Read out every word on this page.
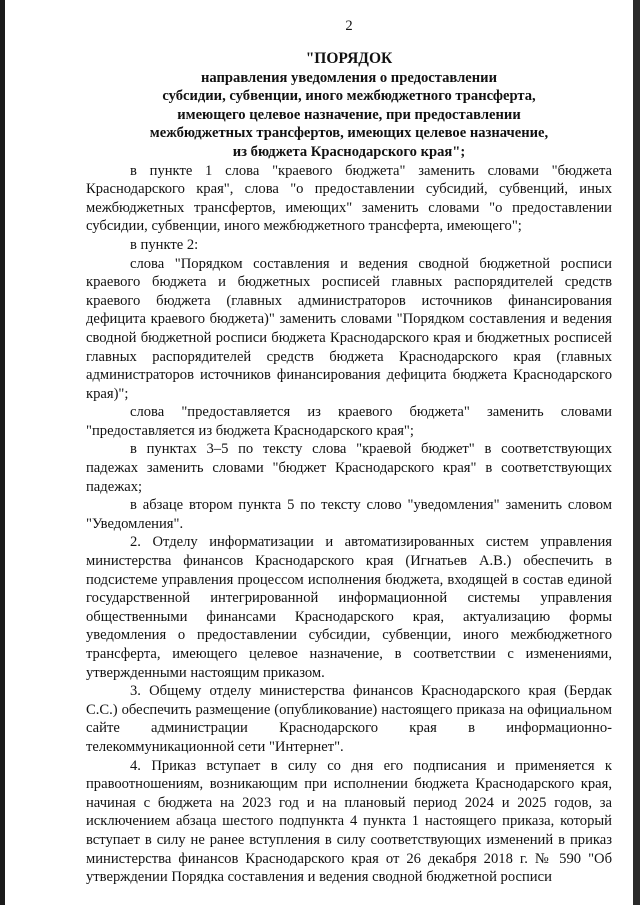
2

"ПОРЯДОК

направления уведомления о предоставлении

субсидии, субвенции, иного межбюджетного трансферта,

имеющего целевое назначение, при предоставлении

межбюджетных трансфертов, имеющих целевое назначение,

из бюджета Краснодарского края";

в пункте 1 слова "краевого бюджета" заменить словами "бюджета Краснодарского края", слова "о предоставлении субсидий, субвенций, иных межбюджетных трансфертов, имеющих" заменить словами "о предоставлении субсидии, субвенции, иного межбюджетного трансферта, имеющего";

в пункте 2:

слова "Порядком составления и ведения сводной бюджетной росписи краевого бюджета и бюджетных росписей главных распорядителей средств краевого бюджета (главных администраторов источников финансирования дефицита краевого бюджета)" заменить словами "Порядком составления и ведения сводной бюджетной росписи бюджета Краснодарского края и бюджетных росписей главных распорядителей средств бюджета Краснодарского края (главных администраторов источников финансирования дефицита бюджета Краснодарского края)";

слова "предоставляется из краевого бюджета" заменить словами "предоставляется из бюджета Краснодарского края";

в пунктах 3–5 по тексту слова "краевой бюджет" в соответствующих падежах заменить словами "бюджет Краснодарского края" в соответствующих падежах;

в абзаце втором пункта 5 по тексту слово "уведомления" заменить словом "Уведомления".

2. Отделу информатизации и автоматизированных систем управления министерства финансов Краснодарского края (Игнатьев А.В.) обеспечить в подсистеме управления процессом исполнения бюджета, входящей в состав единой государственной интегрированной информационной системы управления общественными финансами Краснодарского края, актуализацию формы уведомления о предоставлении субсидии, субвенции, иного межбюджетного трансферта, имеющего целевое назначение, в соответствии с изменениями, утвержденными настоящим приказом.

3. Общему отделу министерства финансов Краснодарского края (Бердак С.С.) обеспечить размещение (опубликование) настоящего приказа на официальном сайте администрации Краснодарского края в информационно-телекоммуникационной сети "Интернет".

4. Приказ вступает в силу со дня его подписания и применяется к правоотношениям, возникающим при исполнении бюджета Краснодарского края, начиная с бюджета на 2023 год и на плановый период 2024 и 2025 годов, за исключением абзаца шестого подпункта 4 пункта 1 настоящего приказа, который вступает в силу не ранее вступления в силу соответствующих изменений в приказ министерства финансов Краснодарского края от 26 декабря 2018 г. № 590 "Об утверждении Порядка составления и ведения сводной бюджетной росписи
